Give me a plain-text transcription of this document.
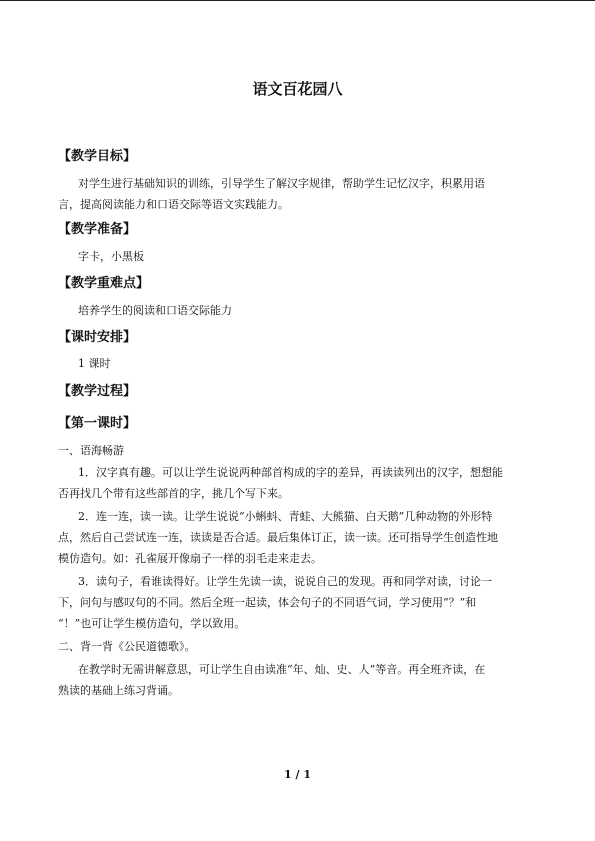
语文百花园八
【教学目标】
对学生进行基础知识的训练，引导学生了解汉字规律，帮助学生记忆汉字，积累用语
言，提高阅读能力和口语交际等语文实践能力。
【教学准备】
字卡，小黑板
【教学重难点】
培养学生的阅读和口语交际能力
【课时安排】
1 课时
【教学过程】
【第一课时】
一、语海畅游
1．汉字真有趣。可以让学生说说两种部首构成的字的差异，再读读列出的汉字，想想能
否再找几个带有这些部首的字，挑几个写下来。
2．连一连，读一读。让学生说说“小蝌蚪、青蛙、大熊猫、白天鹅”几种动物的外形特
点，然后自己尝试连一连，读读是否合适。最后集体订正，读一读。还可指导学生创造性地
模仿造句。如：孔雀展开像扇子一样的羽毛走来走去。
3．读句子，看谁读得好。让学生先读一读，说说自己的发现。再和同学对读，讨论一
下，问句与感叹句的不同。然后全班一起读，体会句子的不同语气词，学习使用“？”和
“！”也可让学生模仿造句，学以致用。
二、背一背《公民道德歌》。
在教学时无需讲解意思，可让学生自由读准“年、灿、史、人”等音。再全班齐读，在
熟读的基础上练习背诵。
1 / 1
